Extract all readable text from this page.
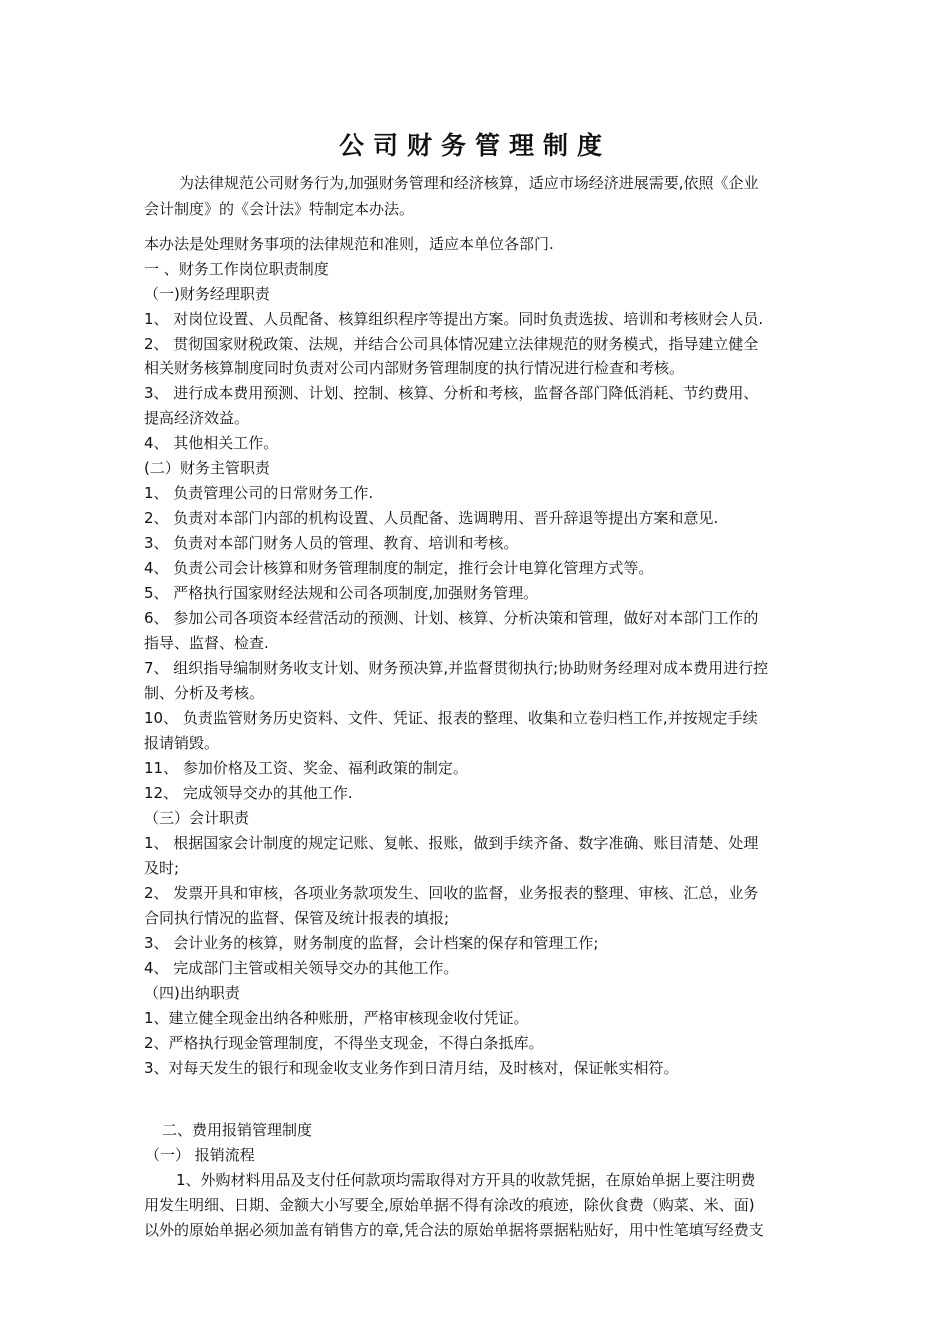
公司财务管理制度

为法律规范公司财务行为,加强财务管理和经济核算，适应市场经济进展需要,依照《企业

会计制度》的《会计法》特制定本办法。

本办法是处理财务事项的法律规范和准则，适应本单位各部门.

一 、财务工作岗位职责制度

（一)财务经理职责

1、 对岗位设置、人员配备、核算组织程序等提出方案。同时负责选拔、培训和考核财会人员.

2、 贯彻国家财税政策、法规，并结合公司具体情况建立法律规范的财务模式，指导建立健全

相关财务核算制度同时负责对公司内部财务管理制度的执行情况进行检查和考核。

3、 进行成本费用预测、计划、控制、核算、分析和考核，监督各部门降低消耗、节约费用、

提高经济效益。

4、 其他相关工作。

(二）财务主管职责

1、 负责管理公司的日常财务工作.

2、 负责对本部门内部的机构设置、人员配备、选调聘用、晋升辞退等提出方案和意见.

3、 负责对本部门财务人员的管理、教育、培训和考核。

4、 负责公司会计核算和财务管理制度的制定，推行会计电算化管理方式等。

5、 严格执行国家财经法规和公司各项制度,加强财务管理。

6、 参加公司各项资本经营活动的预测、计划、核算、分析决策和管理，做好对本部门工作的

指导、监督、检查.

7、 组织指导编制财务收支计划、财务预决算,并监督贯彻执行;协助财务经理对成本费用进行控

制、分析及考核。

10、 负责监管财务历史资料、文件、凭证、报表的整理、收集和立卷归档工作,并按规定手续

报请销毁。

11、 参加价格及工资、奖金、福利政策的制定。

12、 完成领导交办的其他工作.

（三）会计职责

1、 根据国家会计制度的规定记账、复帐、报账，做到手续齐备、数字准确、账目清楚、处理

及时;

2、 发票开具和审核，各项业务款项发生、回收的监督，业务报表的整理、审核、汇总，业务

合同执行情况的监督、保管及统计报表的填报;

3、 会计业务的核算，财务制度的监督，会计档案的保存和管理工作;

4、 完成部门主管或相关领导交办的其他工作。

（四)出纳职责

1、建立健全现金出纳各种账册，严格审核现金收付凭证。

2、严格执行现金管理制度，不得坐支现金，不得白条抵库。

3、对每天发生的银行和现金收支业务作到日清月结，及时核对，保证帐实相符。

二、费用报销管理制度

（一） 报销流程

1、外购材料用品及支付任何款项均需取得对方开具的收款凭据，在原始单据上要注明费

用发生明细、日期、金额大小写要全,原始单据不得有涂改的痕迹，除伙食费（购菜、米、面)

以外的原始单据必须加盖有销售方的章,凭合法的原始单据将票据粘贴好，用中性笔填写经费支
